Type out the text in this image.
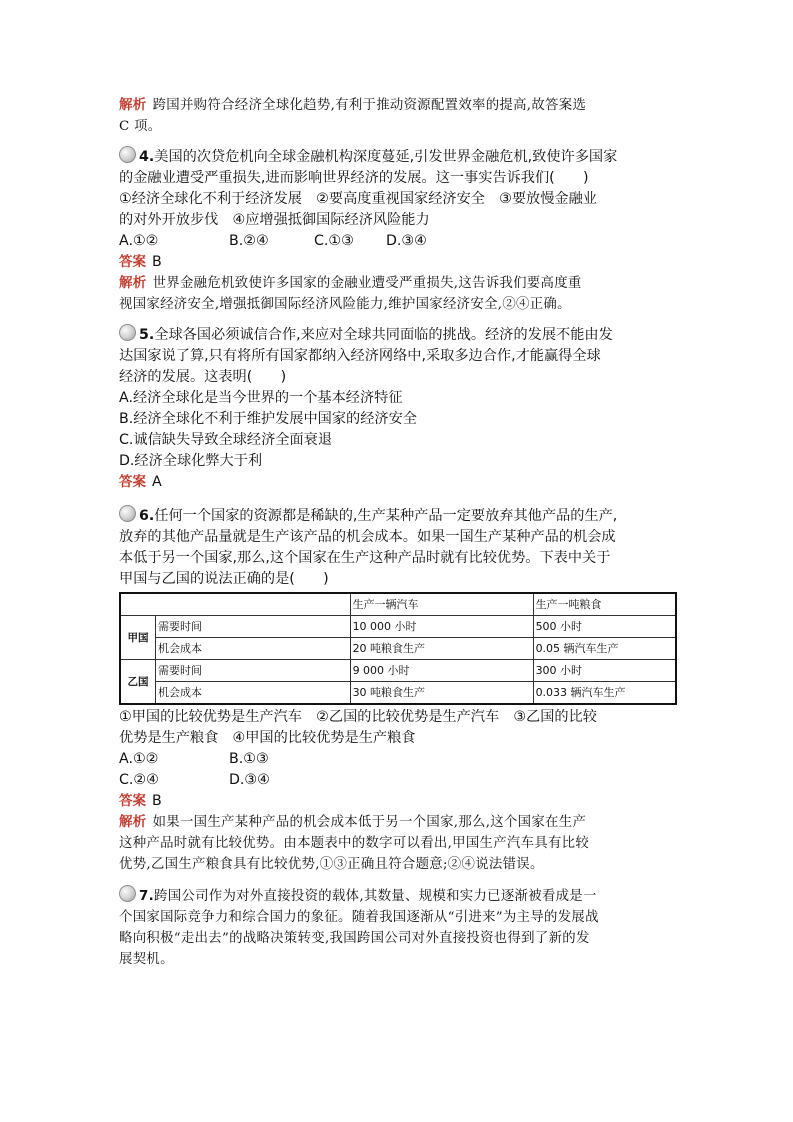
解析 跨国并购符合经济全球化趋势,有利于推动资源配置效率的提高,故答案选
C 项。
4.美国的次贷危机向全球金融机构深度蔓延,引发世界金融危机,致使许多国家
的金融业遭受严重损失,进而影响世界经济的发展。这一事实告诉我们(　　)
①经济全球化不利于经济发展　②要高度重视国家经济安全　③要放慢金融业
的对外开放步伐　④应增强抵御国际经济风险能力
A.①②	B.②④	C.①③ D.③④
答案 B
解析 世界金融危机致使许多国家的金融业遭受严重损失,这告诉我们要高度重
视国家经济安全,增强抵御国际经济风险能力,维护国家经济安全,②④正确。
5.全球各国必须诚信合作,来应对全球共同面临的挑战。经济的发展不能由发
达国家说了算,只有将所有国家都纳入经济网络中,采取多边合作,才能赢得全球
经济的发展。这表明(　　)
A.经济全球化是当今世界的一个基本经济特征
B.经济全球化不利于维护发展中国家的经济安全
C.诚信缺失导致全球经济全面衰退
D.经济全球化弊大于利
答案 A
6.任何一个国家的资源都是稀缺的,生产某种产品一定要放弃其他产品的生产,
放弃的其他产品量就是生产该产品的机会成本。如果一国生产某种产品的机会成
本低于另一个国家,那么,这个国家在生产这种产品时就有比较优势。下表中关于
甲国与乙国的说法正确的是(　　)
		生产一辆汽车	生产一吨粮食
甲国	需要时间	10 000 小时	500 小时
	机会成本	20 吨粮食生产	0.05 辆汽车生产
乙国	需要时间	9 000 小时	300 小时
	机会成本	30 吨粮食生产	0.033 辆汽车生产
①甲国的比较优势是生产汽车　②乙国的比较优势是生产汽车　③乙国的比较
优势是生产粮食　④甲国的比较优势是生产粮食
A.①②	B.①③
C.②④	D.③④
答案 B
解析 如果一国生产某种产品的机会成本低于另一个国家,那么,这个国家在生产
这种产品时就有比较优势。由本题表中的数字可以看出,甲国生产汽车具有比较
优势,乙国生产粮食具有比较优势,①③正确且符合题意;②④说法错误。
7.跨国公司作为对外直接投资的载体,其数量、规模和实力已逐渐被看成是一
个国家国际竞争力和综合国力的象征。随着我国逐渐从“引进来”为主导的发展战
略向积极“走出去”的战略决策转变,我国跨国公司对外直接投资也得到了新的发
展契机。
